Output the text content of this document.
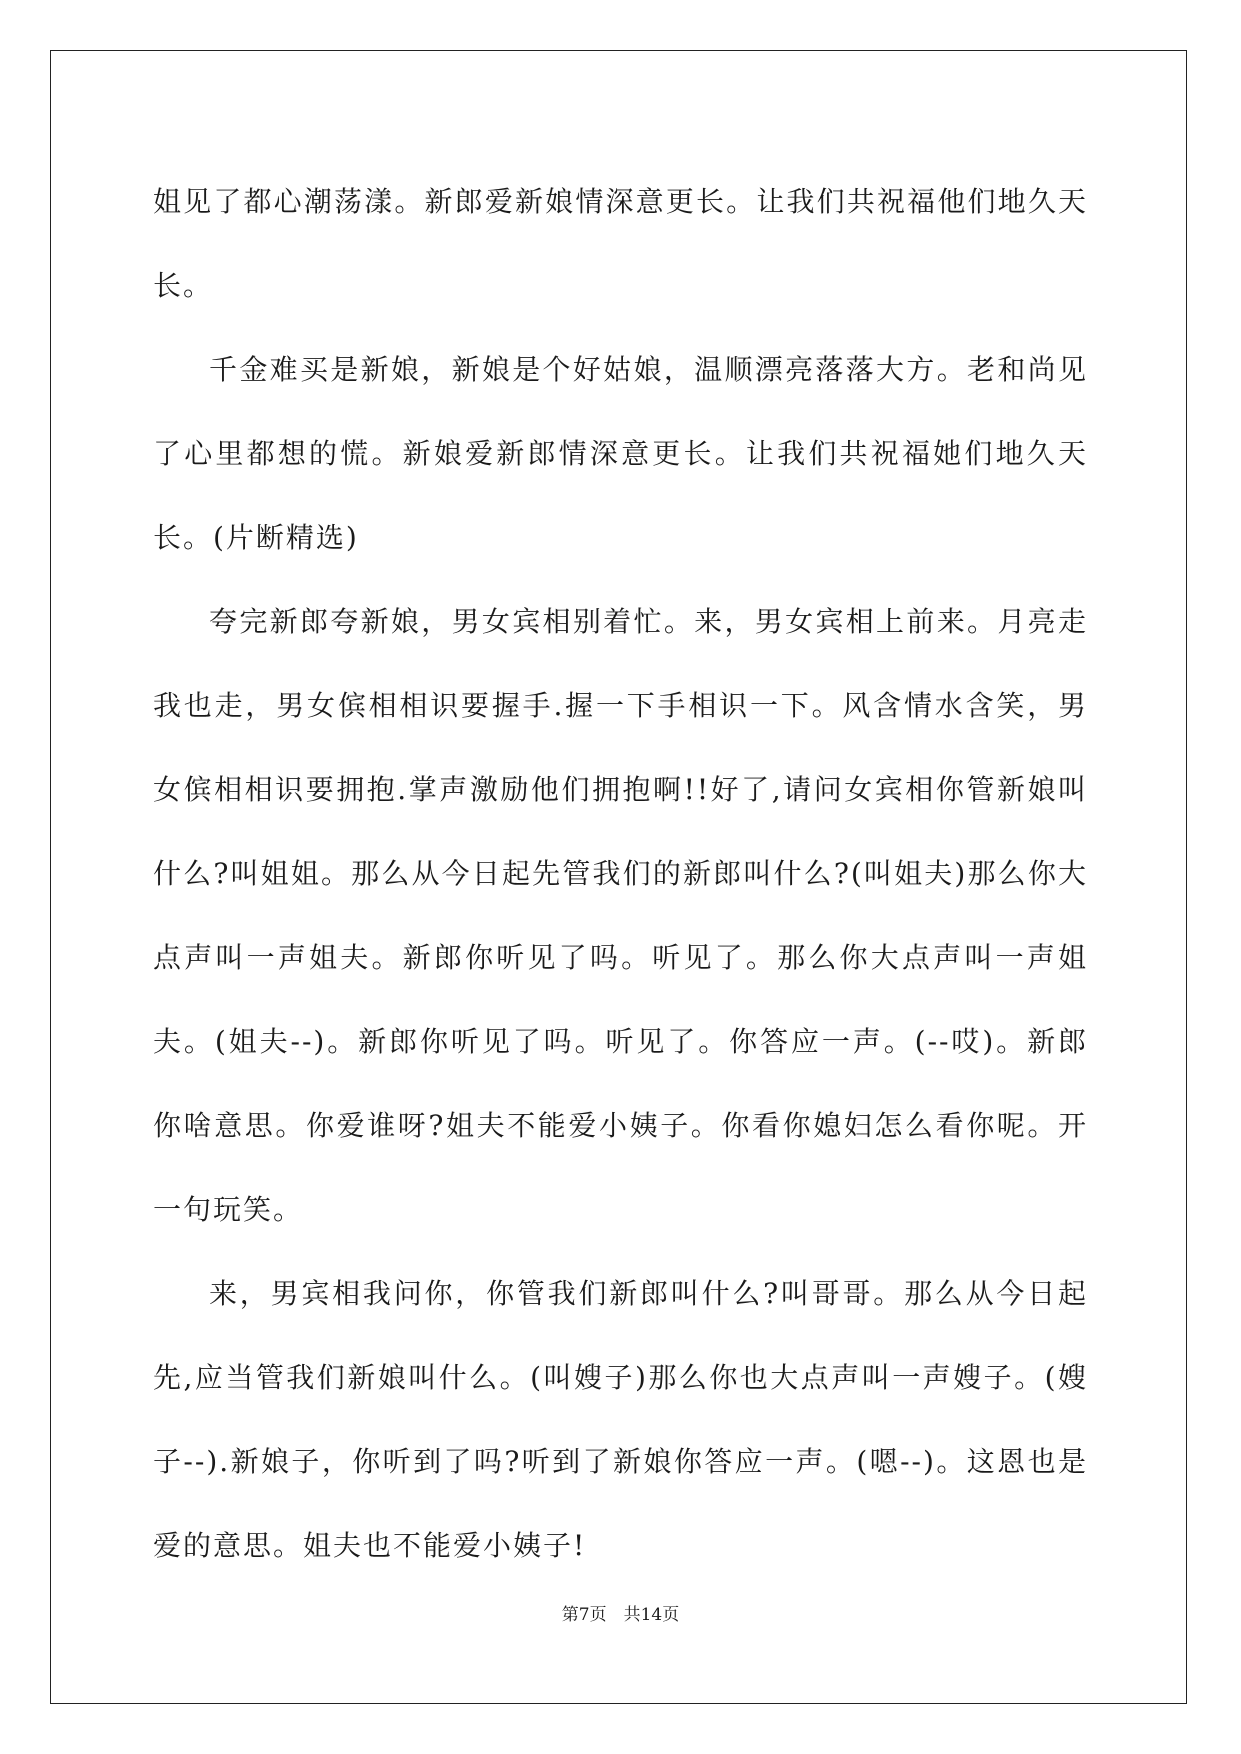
姐见了都心潮荡漾。新郎爱新娘情深意更长。让我们共祝福他们地久天长。

千金难买是新娘，新娘是个好姑娘，温顺漂亮落落大方。老和尚见了心里都想的慌。新娘爱新郎情深意更长。让我们共祝福她们地久天长。(片断精选)

夸完新郎夸新娘，男女宾相别着忙。来，男女宾相上前来。月亮走我也走，男女傧相相识要握手.握一下手相识一下。风含情水含笑，男女傧相相识要拥抱.掌声激励他们拥抱啊!!好了,请问女宾相你管新娘叫什么?叫姐姐。那么从今日起先管我们的新郎叫什么?(叫姐夫)那么你大点声叫一声姐夫。新郎你听见了吗。听见了。那么你大点声叫一声姐夫。(姐夫--)。新郎你听见了吗。听见了。你答应一声。(--哎)。新郎你啥意思。你爱谁呀?姐夫不能爱小姨子。你看你媳妇怎么看你呢。开一句玩笑。

来，男宾相我问你，你管我们新郎叫什么?叫哥哥。那么从今日起先,应当管我们新娘叫什么。(叫嫂子)那么你也大点声叫一声嫂子。(嫂子--).新娘子，你听到了吗?听到了新娘你答应一声。(嗯--)。这恩也是爱的意思。姐夫也不能爱小姨子!

第7页　共14页
